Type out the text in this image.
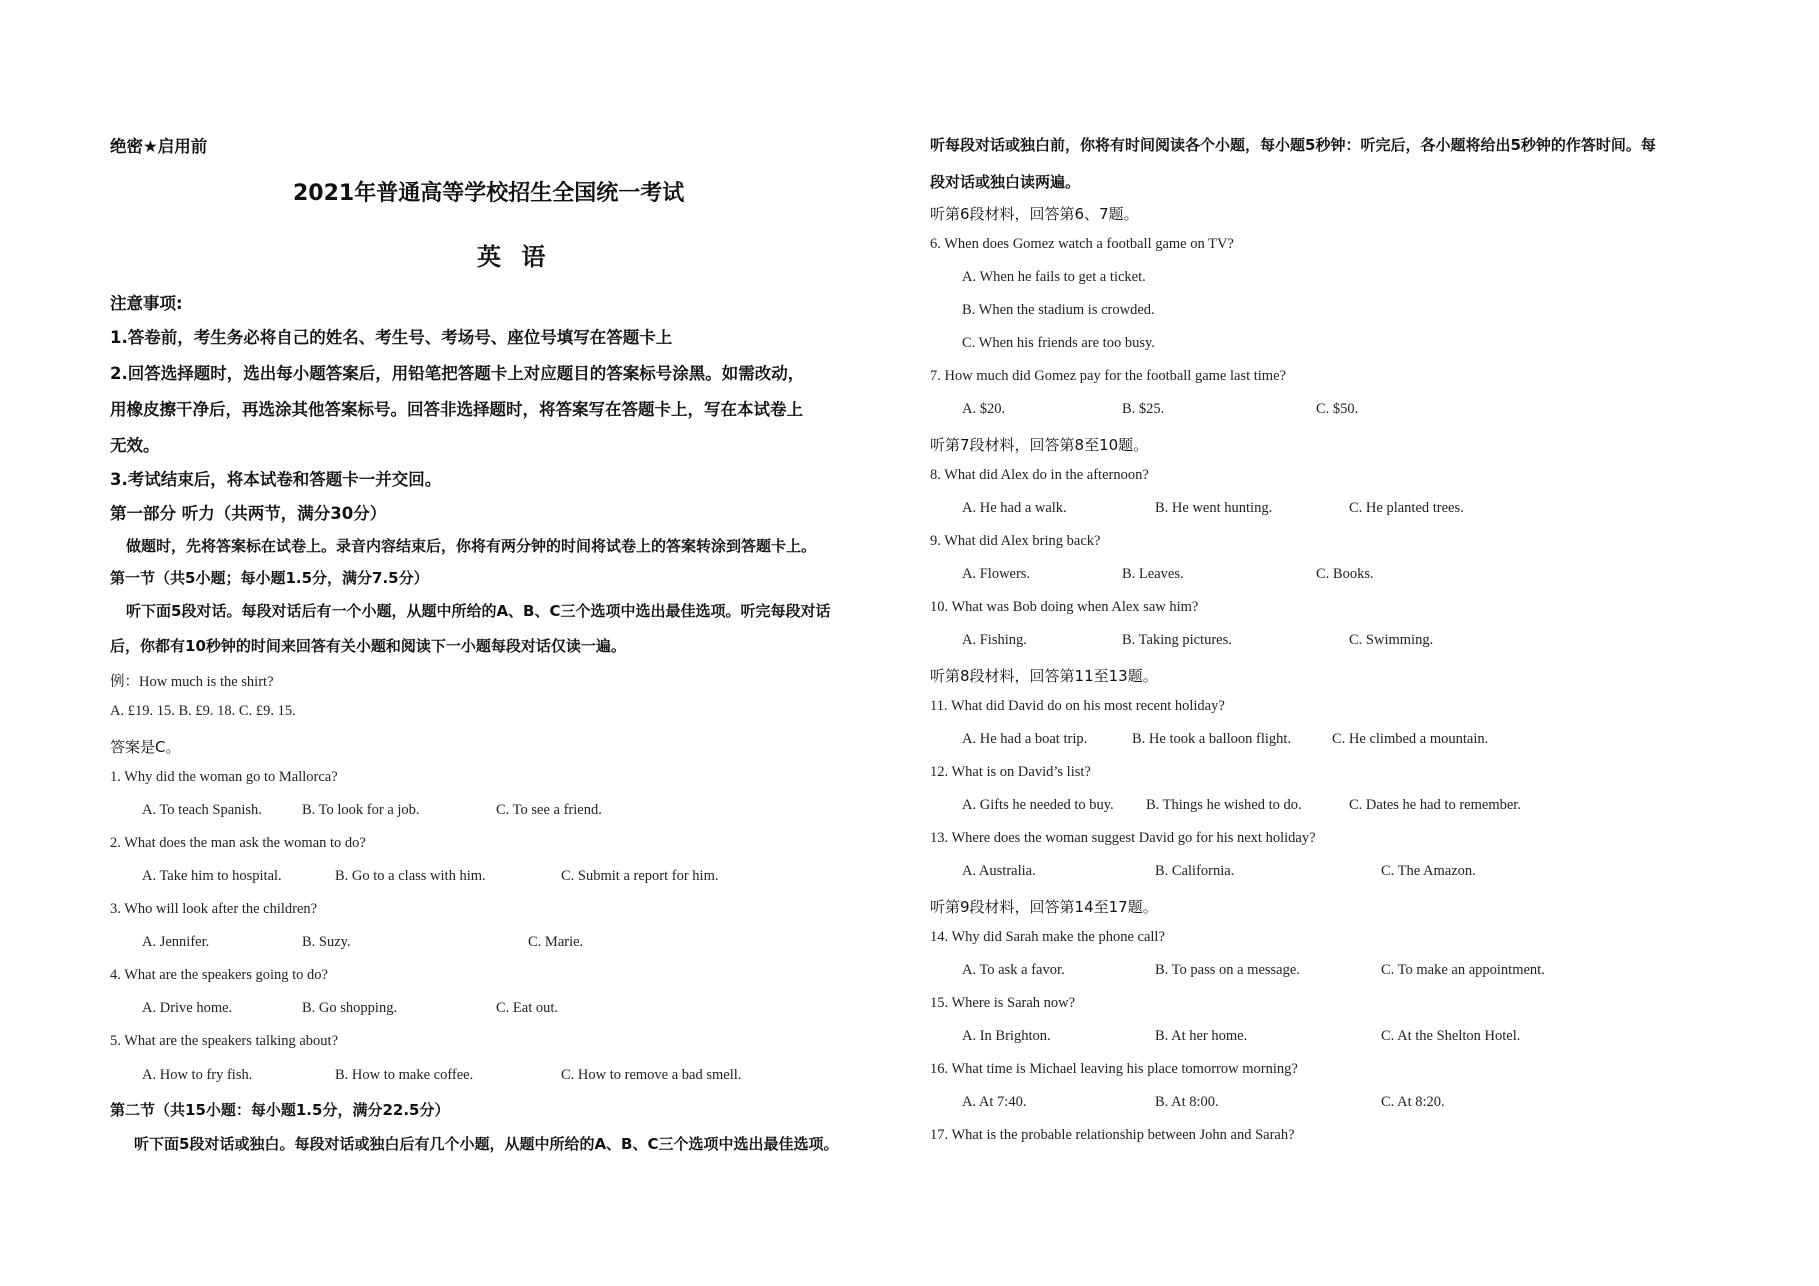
绝密★启用前
2021年普通高等学校招生全国统一考试
英 语
注意事项:
1.答卷前，考生务必将自己的姓名、考生号、考场号、座位号填写在答题卡上
2.回答选择题时，选出每小题答案后，用铅笔把答题卡上对应题目的答案标号涂黑。如需改动，
用橡皮擦干净后，再选涂其他答案标号。回答非选择题时，将答案写在答题卡上，写在本试卷上
无效。
3.考试结束后，将本试卷和答题卡一并交回。
第一部分 听力（共两节，满分30分）
做题时，先将答案标在试卷上。录音内容结束后，你将有两分钟的时间将试卷上的答案转涂到答题卡上。
第一节（共5小题；每小题1.5分，满分7.5分）
听下面5段对话。每段对话后有一个小题，从题中所给的A、B、C三个选项中选出最佳选项。听完每段对话
后，你都有10秒钟的时间来回答有关小题和阅读下一小题每段对话仅读一遍。
例：How much is the shirt?
A. £19. 15. B. £9. 18. C. £9. 15.
答案是C。
1. Why did the woman go to Mallorca?
A. To teach Spanish.	B. To look for a job.	C. To see a friend.
2. What does the man ask the woman to do?
A. Take him to hospital.	B. Go to a class with him.	C. Submit a report for him.
3. Who will look after the children?
A. Jennifer.	B. Suzy.	C. Marie.
4. What are the speakers going to do?
A. Drive home.	B. Go shopping.	C. Eat out.
5. What are the speakers talking about?
A. How to fry fish.	B. How to make coffee.	C. How to remove a bad smell.
第二节（共15小题：每小题1.5分，满分22.5分）
听下面5段对话或独白。每段对话或独白后有几个小题，从题中所给的A、B、C三个选项中选出最佳选项。
听每段对话或独白前，你将有时间阅读各个小题，每小题5秒钟：听完后，各小题将给出5秒钟的作答时间。每
段对话或独白读两遍。
听第6段材料，回答第6、7题。
6. When does Gomez watch a football game on TV?
A. When he fails to get a ticket.
B. When the stadium is crowded.
C. When his friends are too busy.
7. How much did Gomez pay for the football game last time?
A. $20.	B. $25.	C. $50.
听第7段材料，回答第8至10题。
8. What did Alex do in the afternoon?
A. He had a walk.	B. He went hunting.	C. He planted trees.
9. What did Alex bring back?
A. Flowers.	B. Leaves.	C. Books.
10. What was Bob doing when Alex saw him?
A. Fishing.	B. Taking pictures.	C. Swimming.
听第8段材料，回答第11至13题。
11. What did David do on his most recent holiday?
A. He had a boat trip.	B. He took a balloon flight.	C. He climbed a mountain.
12. What is on David’s list?
A. Gifts he needed to buy. B. Things he wished to do.	C. Dates he had to remember.
13. Where does the woman suggest David go for his next holiday?
A. Australia.	B. California.	C. The Amazon.
听第9段材料，回答第14至17题。
14. Why did Sarah make the phone call?
A. To ask a favor.	B. To pass on a message.	C. To make an appointment.
15. Where is Sarah now?
A. In Brighton.	B. At her home.	C. At the Shelton Hotel.
16. What time is Michael leaving his place tomorrow morning?
A. At 7:40.	B. At 8:00.	C. At 8:20.
17. What is the probable relationship between John and Sarah?
